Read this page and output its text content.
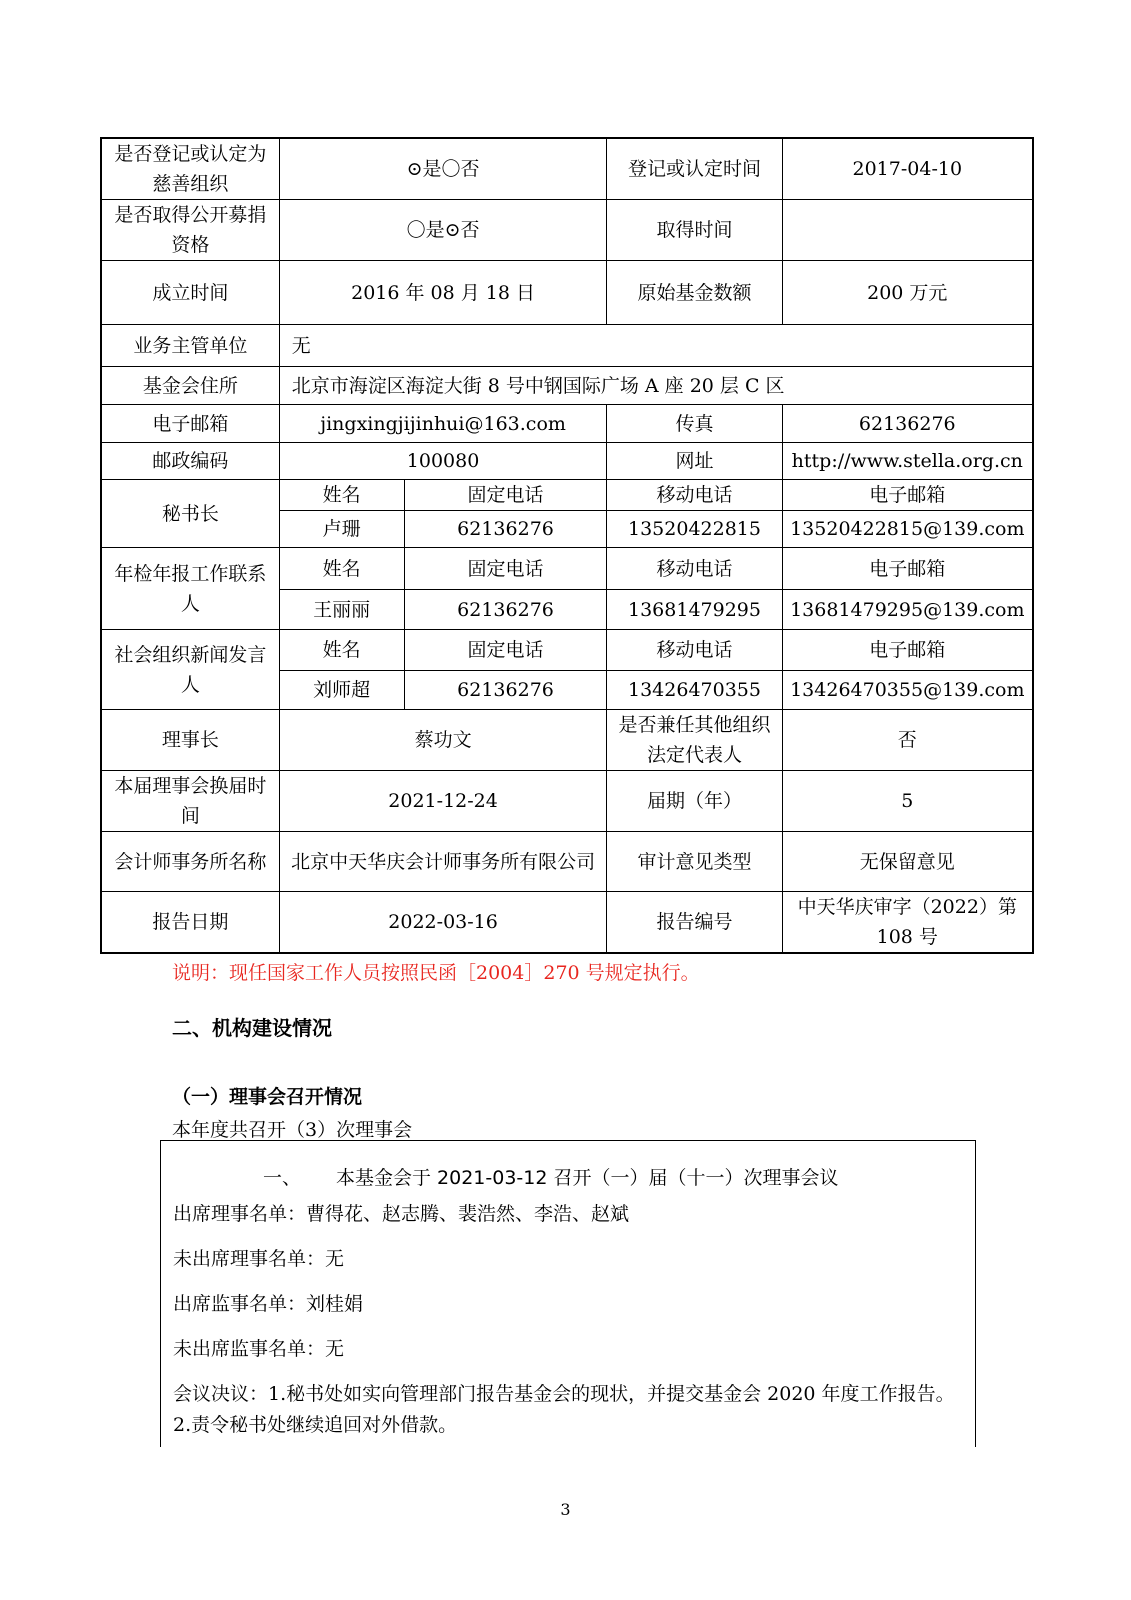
是否登记或认定为慈善组织	⊙是〇否		登记或认定时间	2017-04-10
是否取得公开募捐资格	〇是⊙否		取得时间	
成立时间	2016 年 08 月 18 日		原始基金数额	200 万元
业务主管单位	无			
基金会住所	北京市海淀区海淀大街 8 号中钢国际广场 A 座 20 层 C 区			
电子邮箱	jingxingjijinhui@163.com		传真	62136276
邮政编码	100080		网址	http://www.stella.org.cn
秘书长	姓名	固定电话	移动电话	电子邮箱
	卢珊	62136276	13520422815	13520422815@139.com
年检年报工作联系人	姓名	固定电话	移动电话	电子邮箱
	王丽丽	62136276	13681479295	13681479295@139.com
社会组织新闻发言人	姓名	固定电话	移动电话	电子邮箱
	刘师超	62136276	13426470355	13426470355@139.com
理事长	蔡功文		是否兼任其他组织法定代表人	否
本届理事会换届时间	2021-12-24		届期（年）	5
会计师事务所名称	北京中天华庆会计师事务所有限公司		审计意见类型	无保留意见
报告日期	2022-03-16		报告编号	中天华庆审字（2022）第108 号
说明：现任国家工作人员按照民函［2004］270 号规定执行。
二、机构建设情况
（一）理事会召开情况
本年度共召开（3）次理事会
一、 本基金会于 2021-03-12 召开（一）届（十一）次理事会议
出席理事名单：曹得花、赵志腾、裴浩然、李浩、赵斌
未出席理事名单：无
出席监事名单：刘桂娟
未出席监事名单：无
会议决议：1.秘书处如实向管理部门报告基金会的现状，并提交基金会 2020 年度工作报告。 2.责令秘书处继续追回对外借款。
3
